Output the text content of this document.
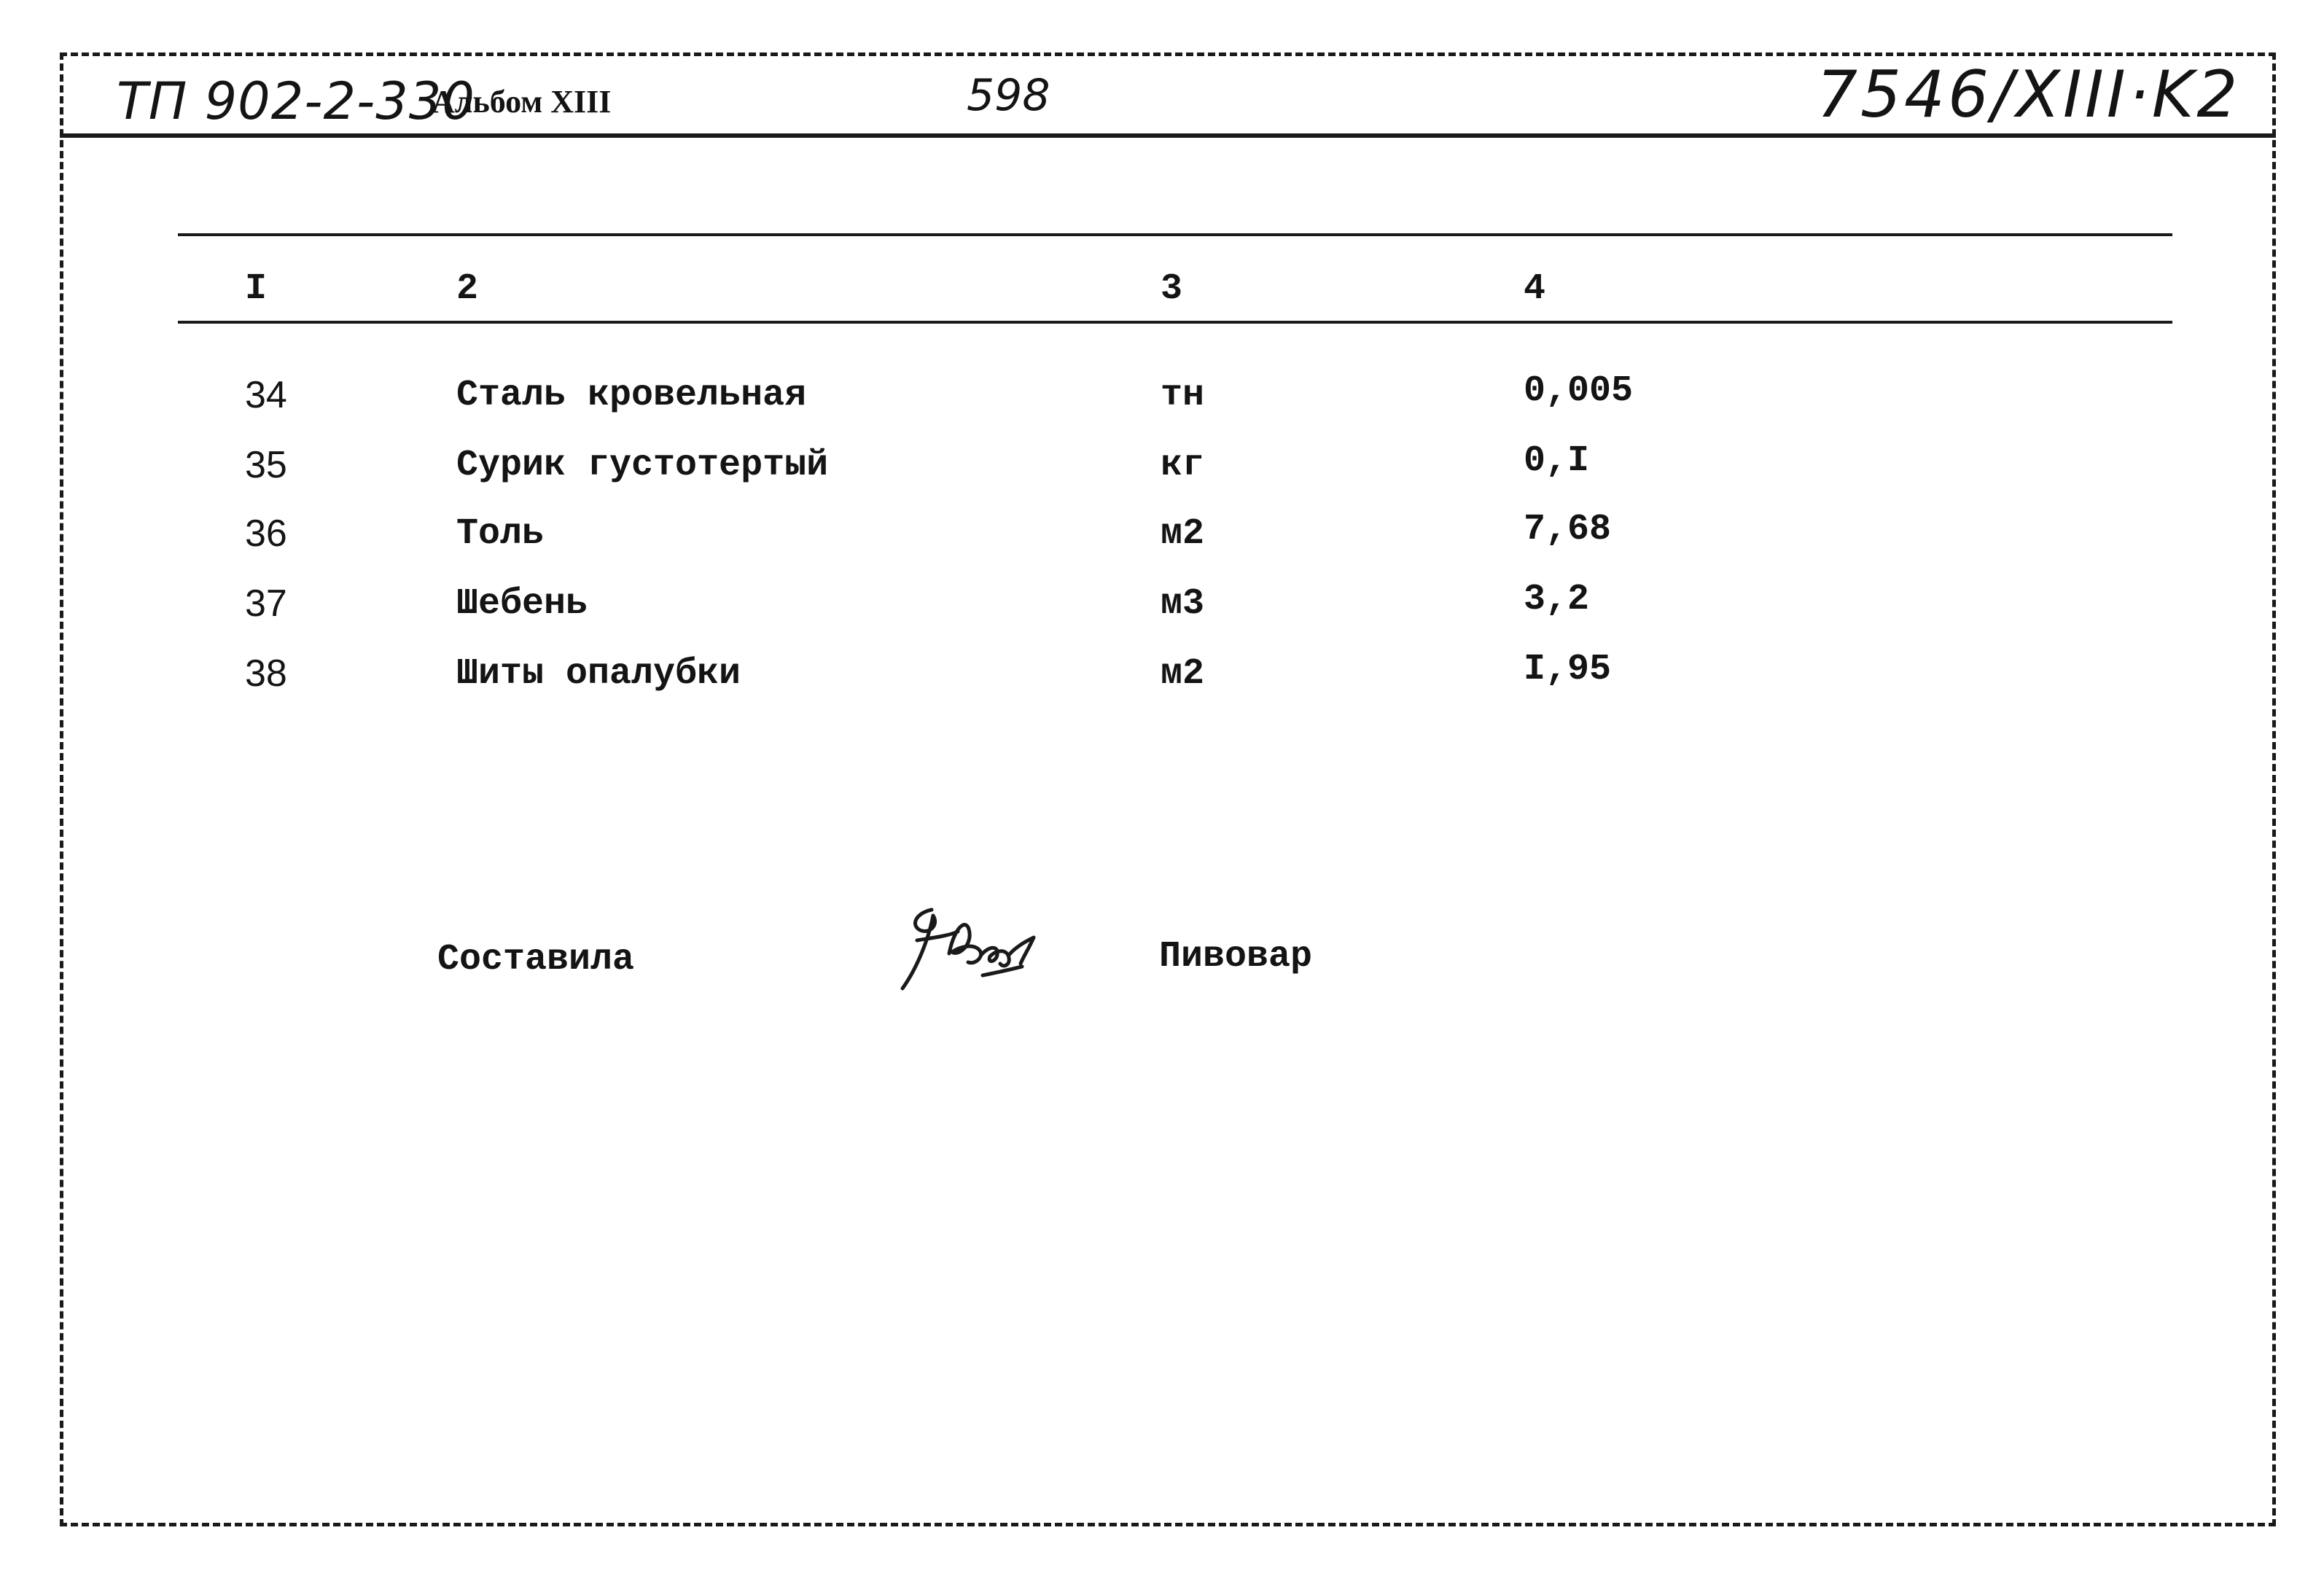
ТП 902-2-330
Альбом XIII	598	7546/XIII·K2
I	2	3	4
34	Сталь кровельная	тн	0,005
35	Сурик густотертый	кг	0,I
36	Толь	м2	7,68
37	Шебень	м3	3,2
38	Шиты опалубки	м2	I,95
Составила	Пивовар
